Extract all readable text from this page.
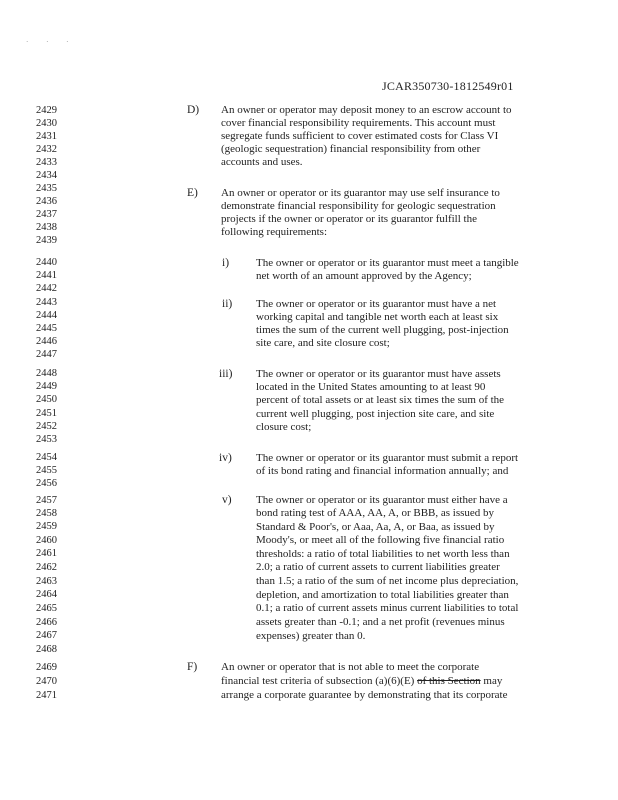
· · ·
JCAR350730-1812549r01
2429
2430
2431
2432
2433
2434
2435
2436
2437
2438
2439
2440
2441
2442
2443
2444
2445
2446
2447
2448
2449
2450
2451
2452
2453
2454
2455
2456
2457
2458
2459
2460
2461
2462
2463
2464
2465
2466
2467
2468
2469
2470
2471
D) An owner or operator may deposit money to an escrow account to
cover financial responsibility requirements. This account must
segregate funds sufficient to cover estimated costs for Class VI
(geologic sequestration) financial responsibility from other
accounts and uses.
E) An owner or operator or its guarantor may use self insurance to
demonstrate financial responsibility for geologic sequestration
projects if the owner or operator or its guarantor fulfill the
following requirements:
i) The owner or operator or its guarantor must meet a tangible
net worth of an amount approved by the Agency;
ii) The owner or operator or its guarantor must have a net
working capital and tangible net worth each at least six
times the sum of the current well plugging, post-injection
site care, and site closure cost;
iii) The owner or operator or its guarantor must have assets
located in the United States amounting to at least 90
percent of total assets or at least six times the sum of the
current well plugging, post injection site care, and site
closure cost;
iv) The owner or operator or its guarantor must submit a report
of its bond rating and financial information annually; and
v) The owner or operator or its guarantor must either have a
bond rating test of AAA, AA, A, or BBB, as issued by
Standard & Poor's, or Aaa, Aa, A, or Baa, as issued by
Moody's, or meet all of the following five financial ratio
thresholds: a ratio of total liabilities to net worth less than
2.0; a ratio of current assets to current liabilities greater
than 1.5; a ratio of the sum of net income plus depreciation,
depletion, and amortization to total liabilities greater than
0.1; a ratio of current assets minus current liabilities to total
assets greater than -0.1; and a net profit (revenues minus
expenses) greater than 0.
F) An owner or operator that is not able to meet the corporate
financial test criteria of subsection (a)(6)(E) of this Section may
arrange a corporate guarantee by demonstrating that its corporate
